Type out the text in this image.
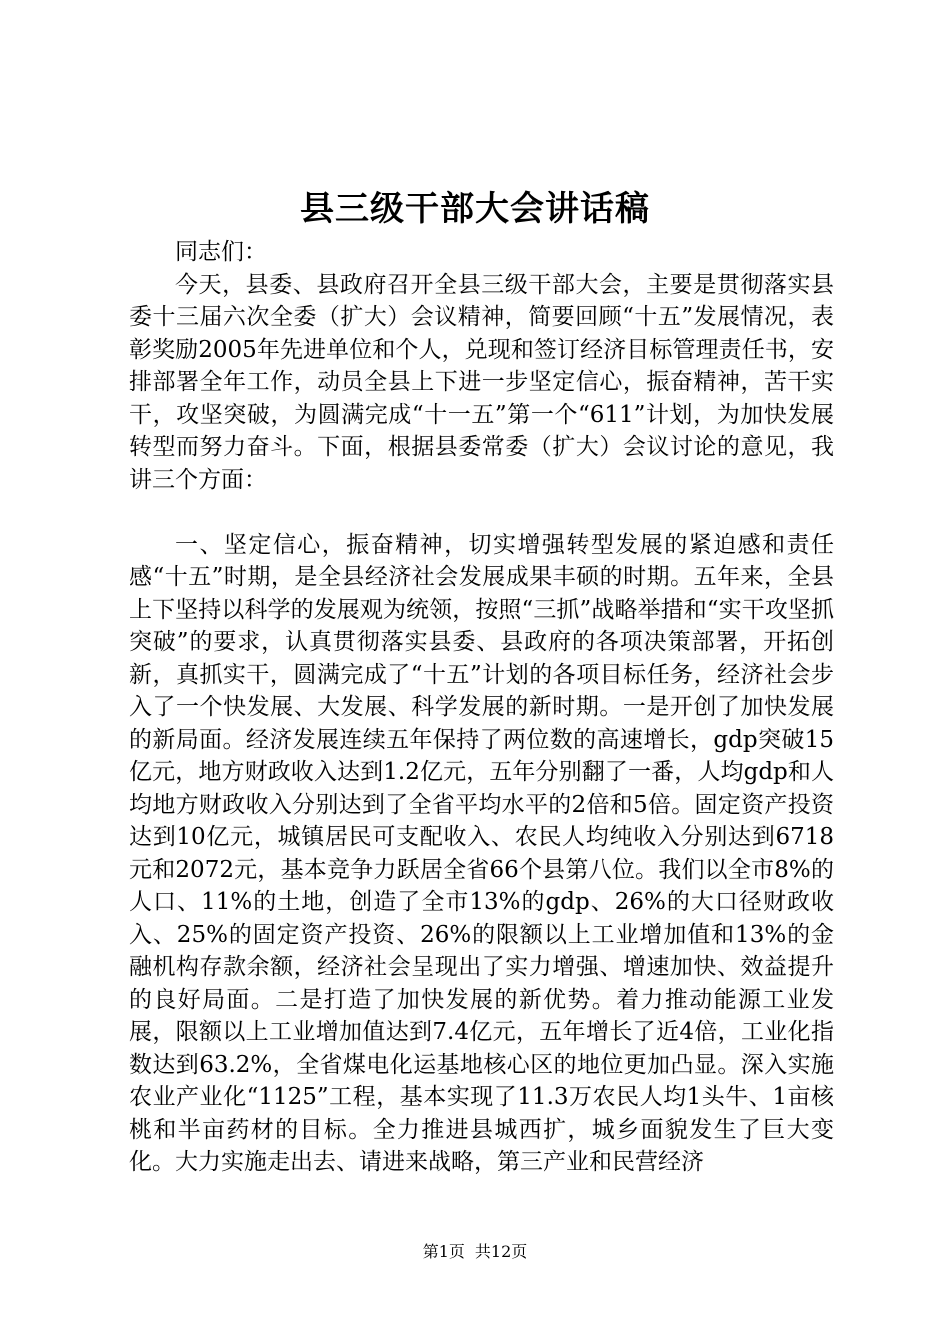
县三级干部大会讲话稿

同志们：

今天，县委、县政府召开全县三级干部大会，主要是贯彻落实县委十三届六次全委（扩大）会议精神，简要回顾“十五”发展情况，表彰奖励2005年先进单位和个人，兑现和签订经济目标管理责任书，安排部署全年工作，动员全县上下进一步坚定信心，振奋精神，苦干实干，攻坚突破，为圆满完成“十一五”第一个“611”计划，为加快发展转型而努力奋斗。下面，根据县委常委（扩大）会议讨论的意见，我讲三个方面：

一、坚定信心，振奋精神，切实增强转型发展的紧迫感和责任感“十五”时期，是全县经济社会发展成果丰硕的时期。五年来，全县上下坚持以科学的发展观为统领，按照“三抓”战略举措和“实干攻坚抓突破”的要求，认真贯彻落实县委、县政府的各项决策部署，开拓创新，真抓实干，圆满完成了“十五”计划的各项目标任务，经济社会步入了一个快发展、大发展、科学发展的新时期。一是开创了加快发展的新局面。经济发展连续五年保持了两位数的高速增长，gdp突破15亿元，地方财政收入达到1.2亿元，五年分别翻了一番，人均gdp和人均地方财政收入分别达到了全省平均水平的2倍和5倍。固定资产投资达到10亿元，城镇居民可支配收入、农民人均纯收入分别达到6718元和2072元，基本竞争力跃居全省66个县第八位。我们以全市8%的人口、11%的土地，创造了全市13%的gdp、26%的大口径财政收入、25%的固定资产投资、26%的限额以上工业增加值和13%的金融机构存款余额，经济社会呈现出了实力增强、增速加快、效益提升的良好局面。二是打造了加快发展的新优势。着力推动能源工业发展，限额以上工业增加值达到7.4亿元，五年增长了近4倍，工业化指数达到63.2%，全省煤电化运基地核心区的地位更加凸显。深入实施农业产业化“1125”工程，基本实现了11.3万农民人均1头牛、1亩核桃和半亩药材的目标。全力推进县城西扩，城乡面貌发生了巨大变化。大力实施走出去、请进来战略，第三产业和民营经济

第1页 共12页
